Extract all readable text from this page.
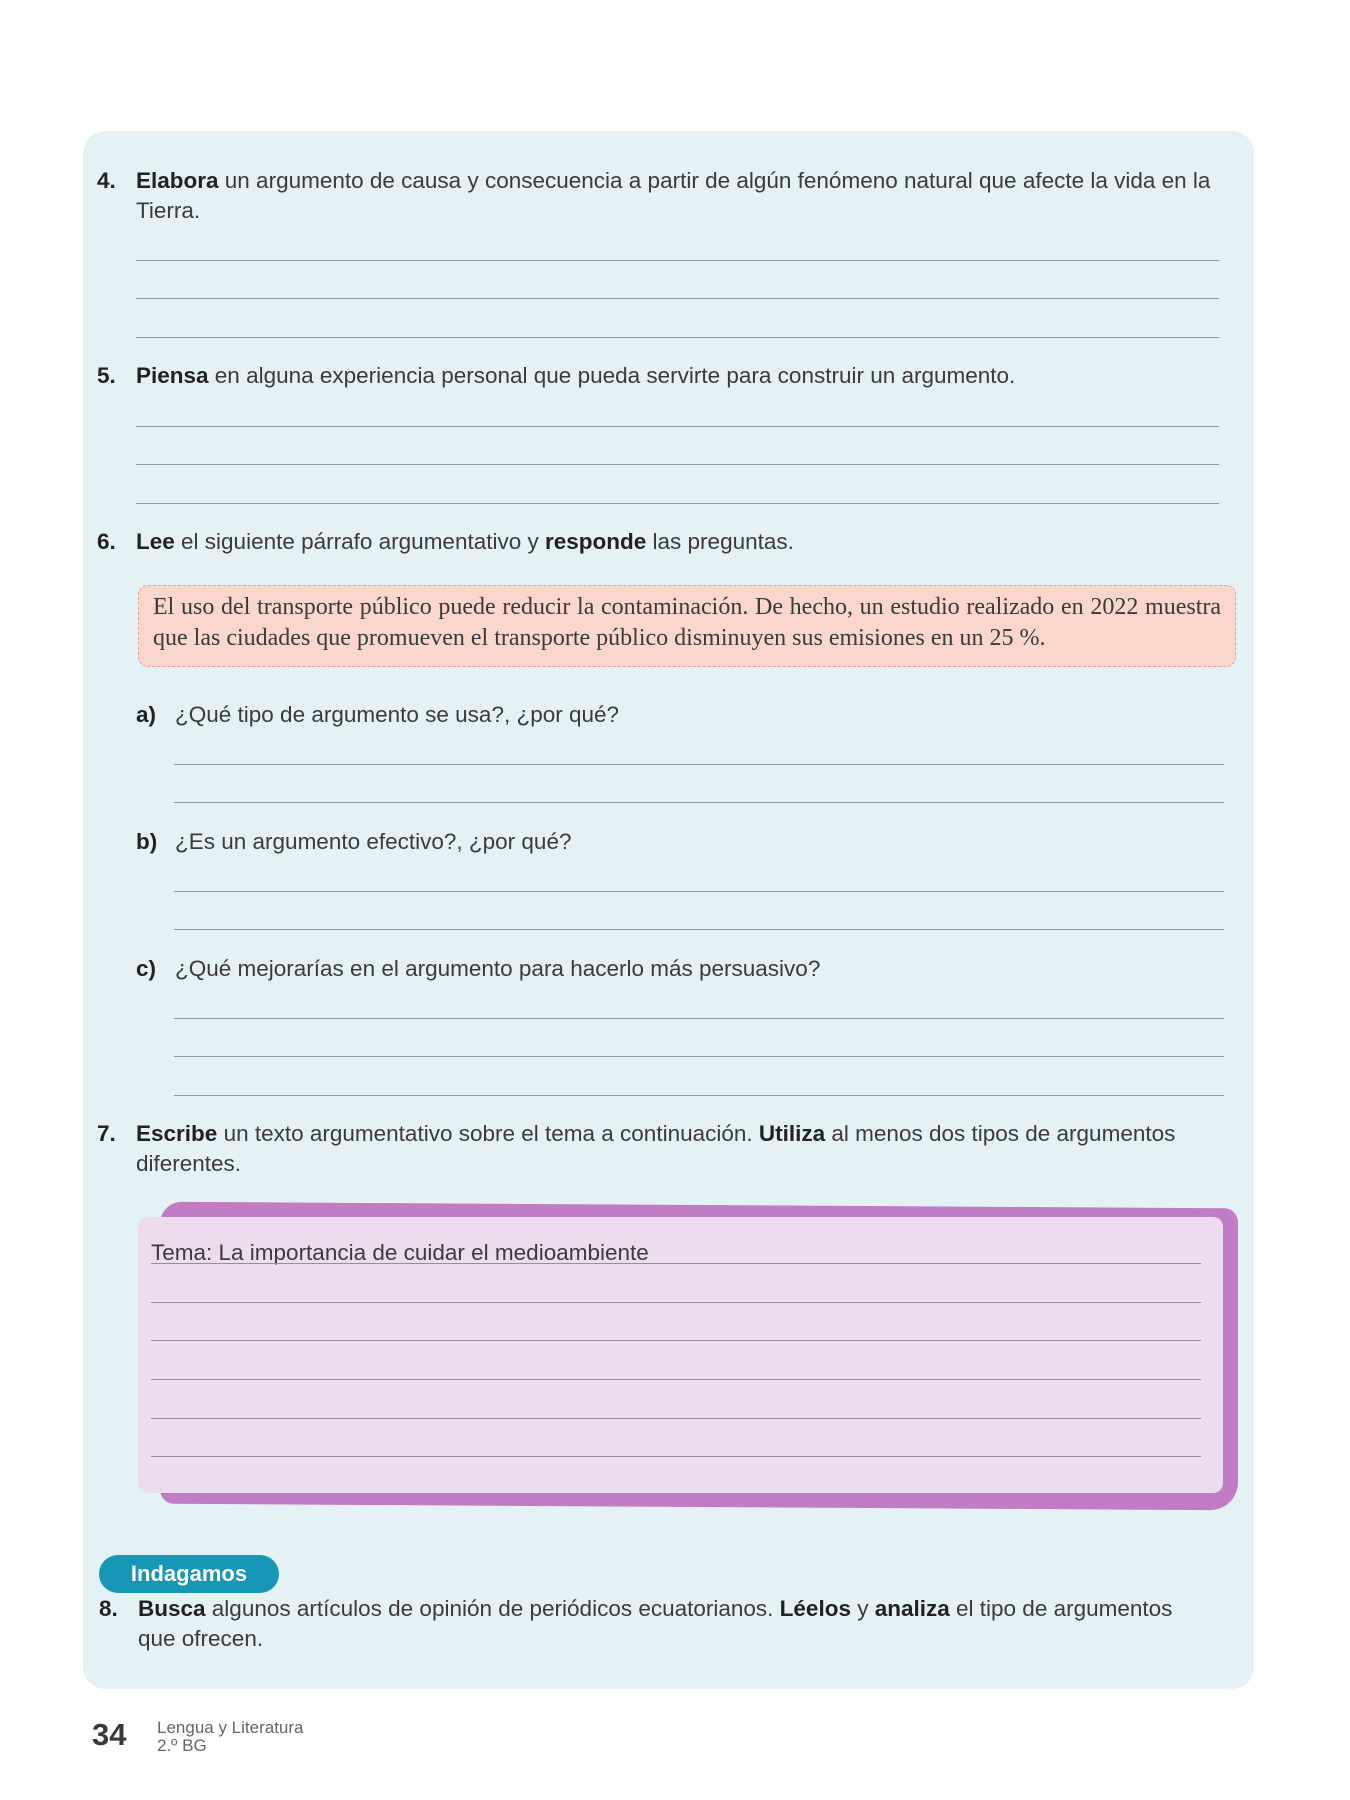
4. Elabora un argumento de causa y consecuencia a partir de algún fenómeno natural que afecte la vida en la
Tierra.
5. Piensa en alguna experiencia personal que pueda servirte para construir un argumento.
6. Lee el siguiente párrafo argumentativo y responde las preguntas.
El uso del transporte público puede reducir la contaminación. De hecho, un estudio realizado en 2022 muestra que las ciudades que promueven el transporte público disminuyen sus emisiones en un 25 %.
a) ¿Qué tipo de argumento se usa?, ¿por qué?
b) ¿Es un argumento efectivo?, ¿por qué?
c) ¿Qué mejorarías en el argumento para hacerlo más persuasivo?
7. Escribe un texto argumentativo sobre el tema a continuación. Utiliza al menos dos tipos de argumentos
diferentes.
Tema: La importancia de cuidar el medioambiente
Indagamos
8. Busca algunos artículos de opinión de periódicos ecuatorianos. Léelos y analiza el tipo de argumentos
que ofrecen.
34 Lengua y Literatura
2.º BG
